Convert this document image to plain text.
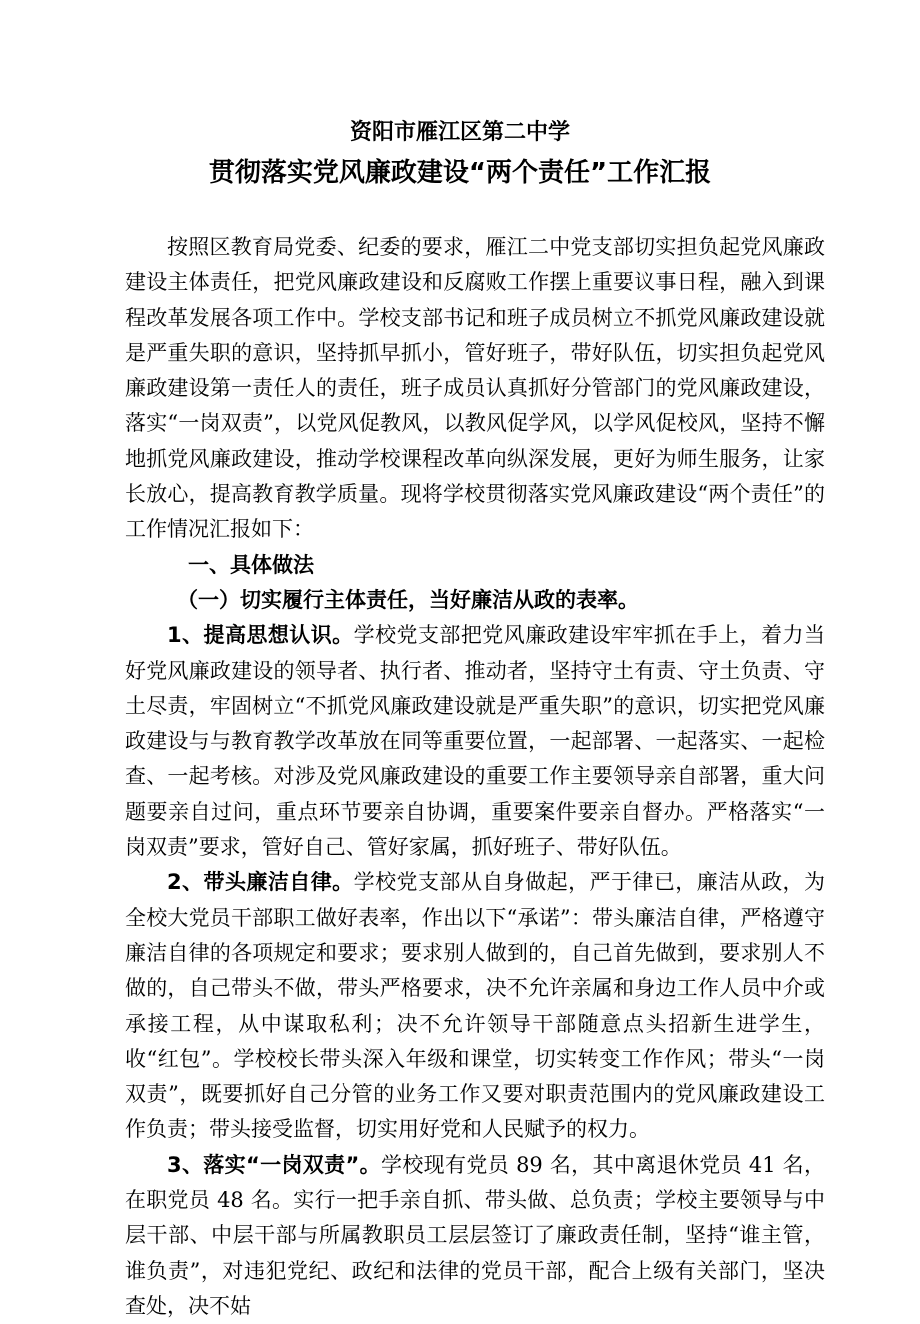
资阳市雁江区第二中学
贯彻落实党风廉政建设“两个责任”工作汇报

按照区教育局党委、纪委的要求，雁江二中党支部切实担负起党风廉政建设主体责任，把党风廉政建设和反腐败工作摆上重要议事日程，融入到课程改革发展各项工作中。学校支部书记和班子成员树立不抓党风廉政建设就是严重失职的意识，坚持抓早抓小，管好班子，带好队伍，切实担负起党风廉政建设第一责任人的责任，班子成员认真抓好分管部门的党风廉政建设，落实“一岗双责”，以党风促教风，以教风促学风，以学风促校风，坚持不懈地抓党风廉政建设，推动学校课程改革向纵深发展，更好为师生服务，让家长放心，提高教育教学质量。现将学校贯彻落实党风廉政建设“两个责任”的工作情况汇报如下：

一、具体做法

（一）切实履行主体责任，当好廉洁从政的表率。

1、提高思想认识。学校党支部把党风廉政建设牢牢抓在手上，着力当好党风廉政建设的领导者、执行者、推动者，坚持守土有责、守土负责、守土尽责，牢固树立“不抓党风廉政建设就是严重失职”的意识，切实把党风廉政建设与与教育教学改革放在同等重要位置，一起部署、一起落实、一起检查、一起考核。对涉及党风廉政建设的重要工作主要领导亲自部署，重大问题要亲自过问，重点环节要亲自协调，重要案件要亲自督办。严格落实“一岗双责”要求，管好自己、管好家属，抓好班子、带好队伍。

2、带头廉洁自律。学校党支部从自身做起，严于律已，廉洁从政，为全校大党员干部职工做好表率，作出以下“承诺”：带头廉洁自律，严格遵守廉洁自律的各项规定和要求；要求别人做到的，自己首先做到，要求别人不做的，自己带头不做，带头严格要求，决不允许亲属和身边工作人员中介或承接工程，从中谋取私利；决不允许领导干部随意点头招新生进学生， 收“红包”。学校校长带头深入年级和课堂，切实转变工作作风；带头“一岗双责”，既要抓好自己分管的业务工作又要对职责范围内的党风廉政建设工作负责；带头接受监督，切实用好党和人民赋予的权力。

3、落实“一岗双责”。学校现有党员 89 名，其中离退休党员 41 名，在职党员 48 名。实行一把手亲自抓、带头做、总负责；学校主要领导与中层干部、中层干部与所属教职员工层层签订了廉政责任制，坚持“谁主管，谁负责”，对违犯党纪、政纪和法律的党员干部，配合上级有关部门，坚决查处，决不姑
